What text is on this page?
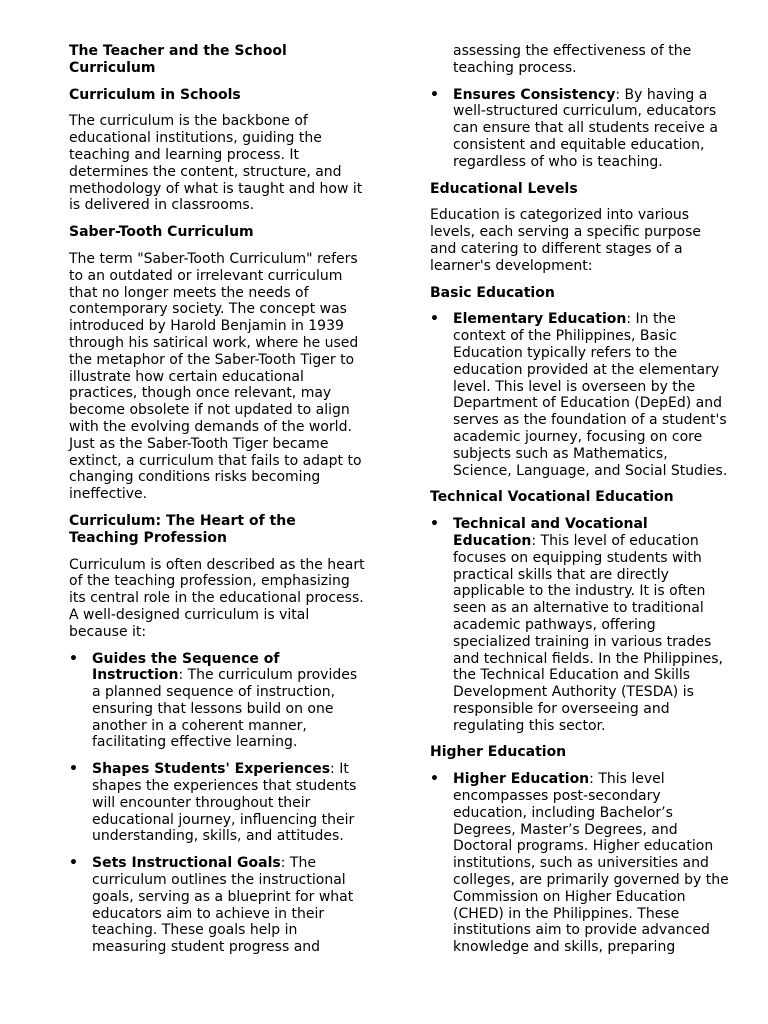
The Teacher and the School Curriculum
Curriculum in Schools

The curriculum is the backbone of educational institutions, guiding the teaching and learning process. It determines the content, structure, and methodology of what is taught and how it is delivered in classrooms.

Saber-Tooth Curriculum

The term "Saber-Tooth Curriculum" refers to an outdated or irrelevant curriculum that no longer meets the needs of contemporary society. The concept was introduced by Harold Benjamin in 1939 through his satirical work, where he used the metaphor of the Saber-Tooth Tiger to illustrate how certain educational practices, though once relevant, may become obsolete if not updated to align with the evolving demands of the world. Just as the Saber-Tooth Tiger became extinct, a curriculum that fails to adapt to changing conditions risks becoming ineffective.

Curriculum: The Heart of the Teaching Profession

Curriculum is often described as the heart of the teaching profession, emphasizing its central role in the educational process. A well-designed curriculum is vital because it:

• Guides the Sequence of Instruction: The curriculum provides a planned sequence of instruction, ensuring that lessons build on one another in a coherent manner, facilitating effective learning.
• Shapes Students' Experiences: It shapes the experiences that students will encounter throughout their educational journey, influencing their understanding, skills, and attitudes.
• Sets Instructional Goals: The curriculum outlines the instructional goals, serving as a blueprint for what educators aim to achieve in their teaching. These goals help in measuring student progress and

assessing the effectiveness of the teaching process.

• Ensures Consistency: By having a well-structured curriculum, educators can ensure that all students receive a consistent and equitable education, regardless of who is teaching.
Educational Levels

Education is categorized into various levels, each serving a specific purpose and catering to different stages of a learner's development:

Basic Education
• Elementary Education: In the context of the Philippines, Basic Education typically refers to the education provided at the elementary level. This level is overseen by the Department of Education (DepEd) and serves as the foundation of a student's academic journey, focusing on core subjects such as Mathematics, Science, Language, and Social Studies.
Technical Vocational Education
• Technical and Vocational Education: This level of education focuses on equipping students with practical skills that are directly applicable to the industry. It is often seen as an alternative to traditional academic pathways, offering specialized training in various trades and technical fields. In the Philippines, the Technical Education and Skills Development Authority (TESDA) is responsible for overseeing and regulating this sector.
Higher Education
• Higher Education: This level encompasses post-secondary education, including Bachelor’s Degrees, Master’s Degrees, and Doctoral programs. Higher education institutions, such as universities and colleges, are primarily governed by the Commission on Higher Education (CHED) in the Philippines. These institutions aim to provide advanced knowledge and skills, preparing
